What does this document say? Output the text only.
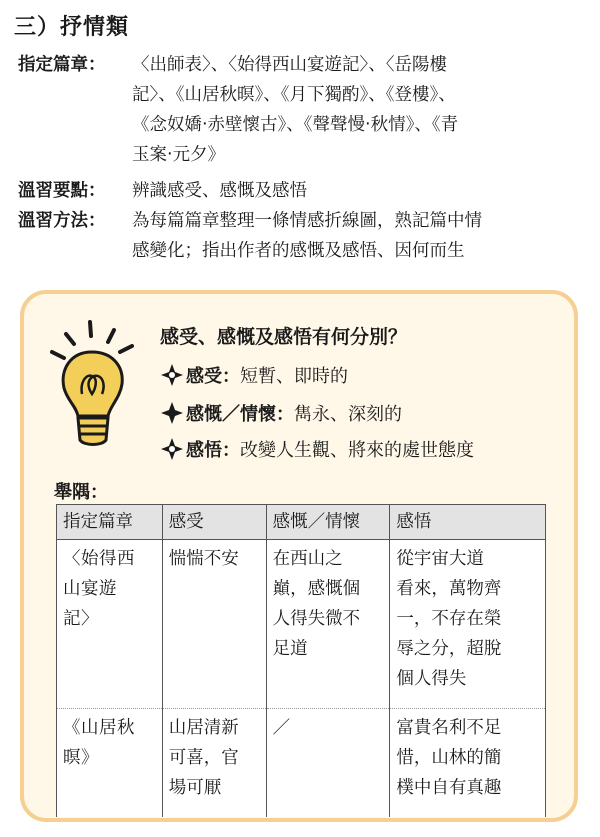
三）抒情類
指定篇章： 〈出師表〉、〈始得西山宴遊記〉、〈岳陽樓
記〉、《山居秋暝》、《月下獨酌》、《登樓》、
《念奴嬌‧赤壁懷古》、《聲聲慢‧秋情》、《青
玉案‧元夕》
溫習要點： 辨識感受、感慨及感悟
溫習方法： 為每篇篇章整理一條情感折線圖，熟記篇中情
感變化；指出作者的感慨及感悟、因何而生
感受、感慨及感悟有何分別？
感受：短暫、即時的
感慨／情懷：雋永、深刻的
感悟：改變人生觀、將來的處世態度
舉隅：
指定篇章	感受	感慨／情懷	感悟

〈始得西
山宴遊
記〉	惴惴不安	在西山之
巔，感慨個
人得失微不
足道	從宇宙大道
看來，萬物齊
一，不存在榮
辱之分，超脫
個人得失

《山居秋
暝》	山居清新
可喜，官
場可厭	／	富貴名利不足
惜，山林的簡
樸中自有真趣
